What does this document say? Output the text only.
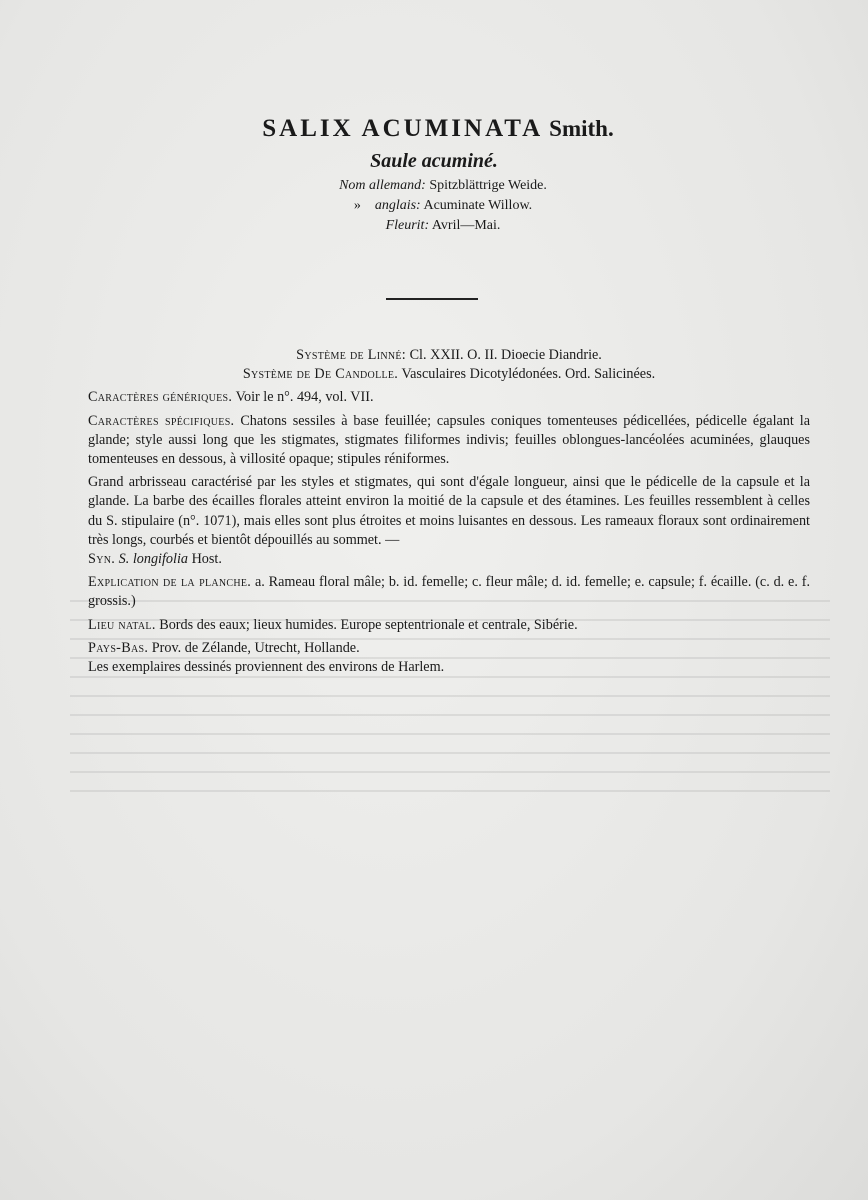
SALIX ACUMINATA Smith.
Saule acuminé.
Nom allemand: Spitzblättrige Weide.
» anglais: Acuminate Willow.
Fleurit: Avril—Mai.
Système de Linné: Cl. XXII. O. II. Dioecie Diandrie.
Système de De Candolle. Vasculaires Dicotylédonées. Ord. Salicinées.
Caractères génériques. Voir le n°. 494, vol. VII.
Caractères spécifiques. Chatons sessiles à base feuillée; capsules coniques tomenteuses pédicellées, pédicelle égalant la glande; style aussi long que les stigmates, stigmates filiformes indivis; feuilles oblongues-lancéolées acuminées, glauques tomenteuses en dessous, à villosité opaque; stipules réniformes.
Grand arbrisseau caractérisé par les styles et stigmates, qui sont d'égale longueur, ainsi que le pédicelle de la capsule et la glande. La barbe des écailles florales atteint environ la moitié de la capsule et des étamines. Les feuilles ressemblent à celles du S. stipulaire (n°. 1071), mais elles sont plus étroites et moins luisantes en dessous. Les rameaux floraux sont ordinairement très longs, courbés et bientôt dépouillés au sommet. —
Syn. S. longifolia Host.
Explication de la planche. a. Rameau floral mâle; b. id. femelle; c. fleur mâle; d. id. femelle; e. capsule; f. écaille. (c. d. e. f. grossis.)
Lieu natal. Bords des eaux; lieux humides. Europe septentrionale et centrale, Sibérie.
Pays-Bas. Prov. de Zélande, Utrecht, Hollande.
Les exemplaires dessinés proviennent des environs de Harlem.
